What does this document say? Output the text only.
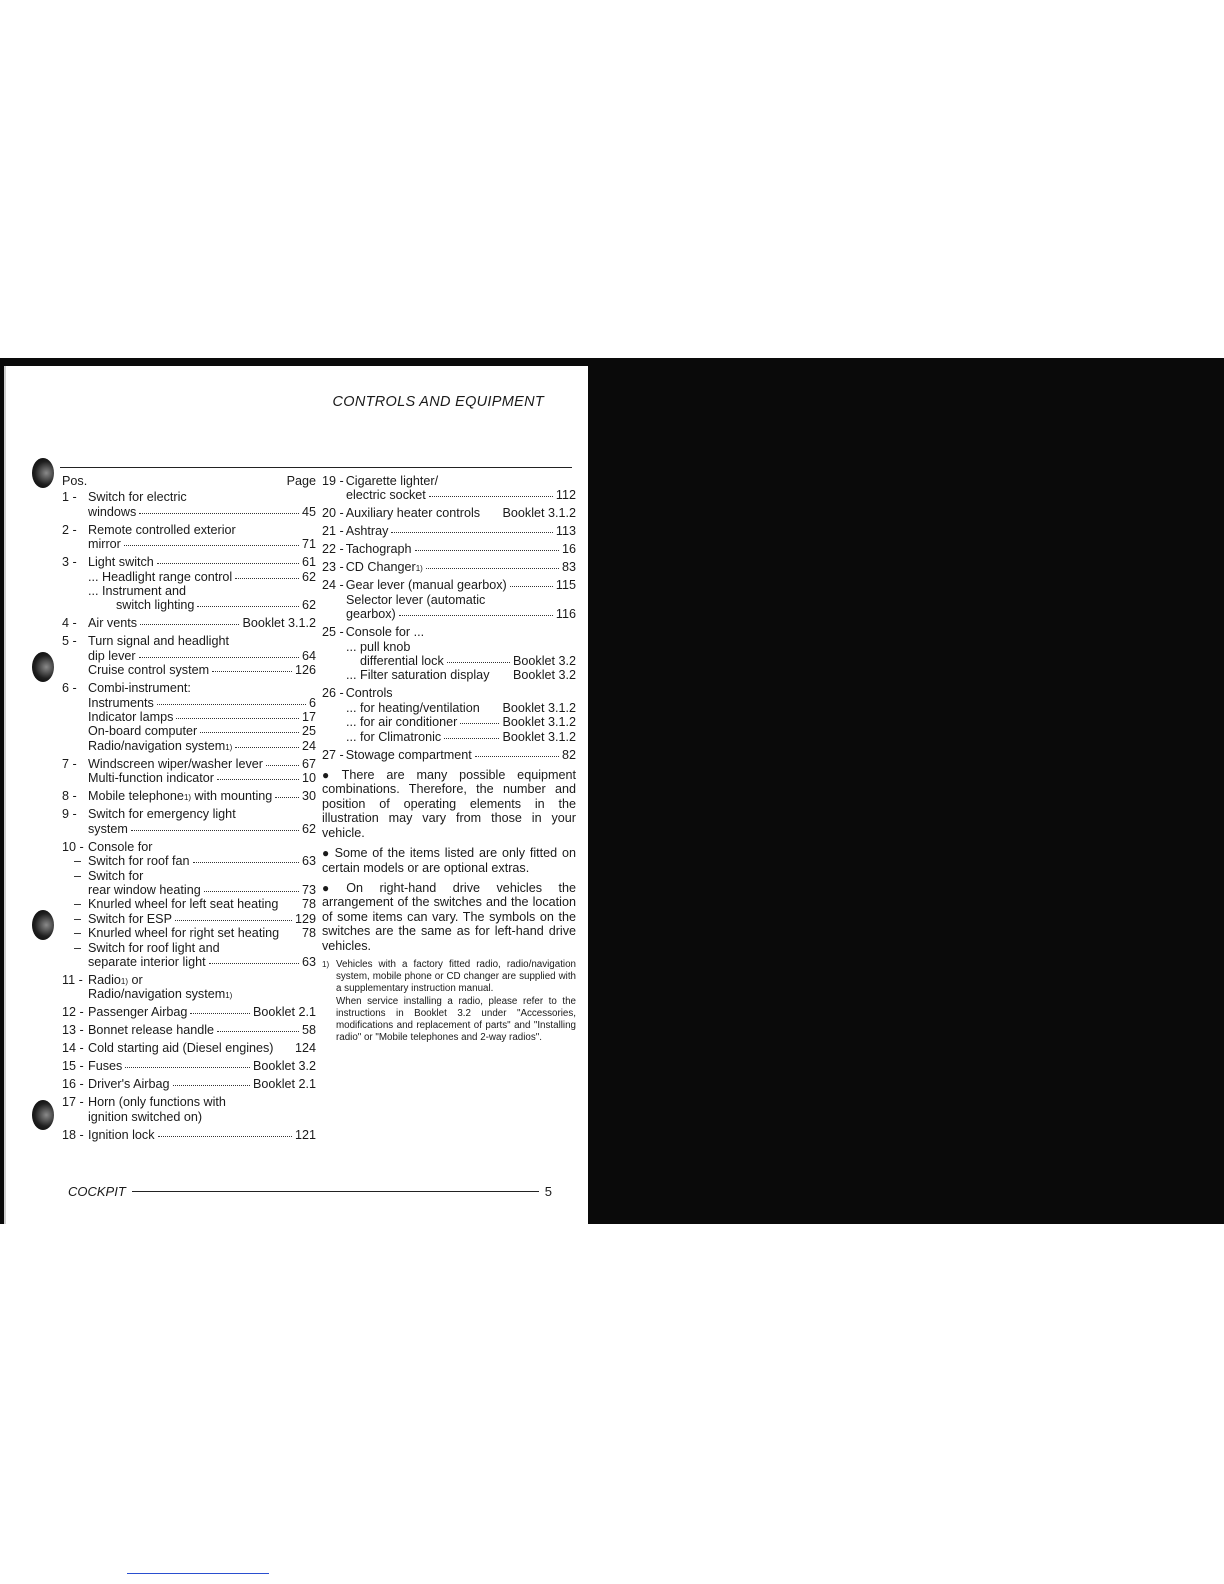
CONTROLS AND EQUIPMENT
Pos.	Page
1 - Switch for electric
windows	45
2 - Remote controlled exterior
mirror	71
3 - Light switch	61
... Headlight range control	62
... Instrument and
switch lighting	62
4 - Air vents	Booklet 3.1.2
5 - Turn signal and headlight
dip lever	64
Cruise control system	126
6 - Combi-instrument:
Instruments	6
Indicator lamps	17
On-board computer	25
Radio/navigation system 1)	24
7 - Windscreen wiper/washer lever	67
Multi-function indicator	10
8 - Mobile telephone 1) with mounting 30
9 - Switch for emergency light
system	62
10 - Console for
– Switch for roof fan	63
– Switch for
rear window heating	73
– Knurled wheel for left seat heating 78
– Switch for ESP	129
– Knurled wheel for right set heating 78
– Switch for roof light and
separate interior light	63
11 - Radio 1) or
Radio/navigation system 1)
12 - Passenger Airbag	Booklet 2.1
13 - Bonnet release handle	58
14 - Cold starting aid (Diesel engines) 124
15 - Fuses	Booklet 3.2
16 - Driver's Airbag	Booklet 2.1
17 - Horn (only functions with
ignition switched on)
18 - Ignition lock	121
19 - Cigarette lighter/
electric socket	112
20 - Auxiliary heater controls Booklet 3.1.2
21 - Ashtray	113
22 - Tachograph	16
23 - CD Changer 1)	83
24 - Gear lever (manual gearbox)	115
Selector lever (automatic
gearbox)	116
25 - Console for ...
... pull knob
differential lock	Booklet 3.2
... Filter saturation display Booklet 3.2
26 - Controls
... for heating/ventilation Booklet 3.1.2
... for air conditioner	Booklet 3.1.2
... for Climatronic	Booklet 3.1.2
27 - Stowage compartment	82
● There are many possible equipment combinations. Therefore, the number and position of operating elements in the illustration may vary from those in your vehicle.
● Some of the items listed are only fitted on certain models or are optional extras.
● On right-hand drive vehicles the arrangement of the switches and the location of some items can vary. The symbols on the switches are the same as for left-hand drive vehicles.
1) Vehicles with a factory fitted radio, radio/navigation system, mobile phone or CD changer are supplied with a supplementary instruction manual.
When service installing a radio, please refer to the instructions in Booklet 3.2 under "Accessories, modifications and replacement of parts" and "Installing radio" or "Mobile telephones and 2-way radios".
COCKPIT	5
